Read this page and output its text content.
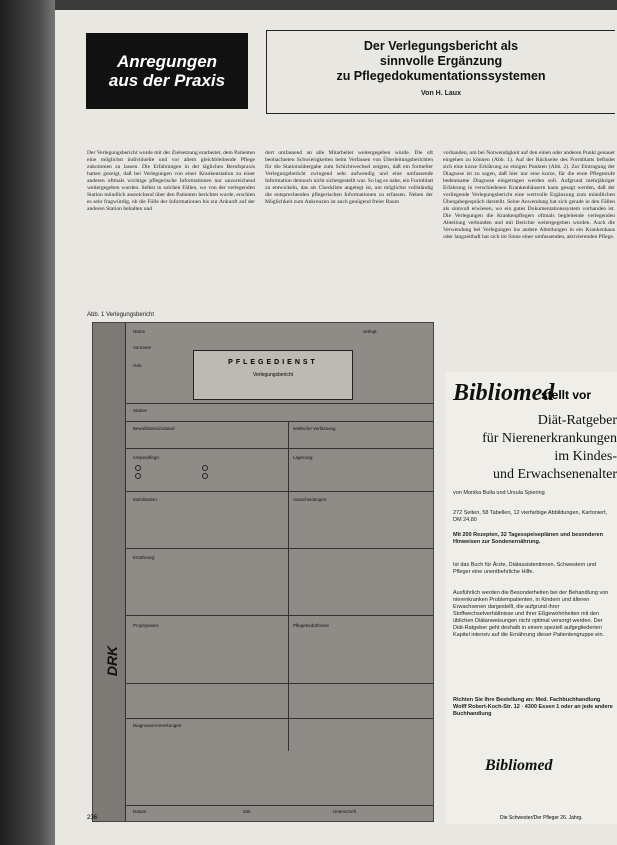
Anregungen
aus der Praxis
Der Verlegungsbericht als
sinnvolle Ergänzung
zu Pflegedokumentationssystemen
Von H. Laux
Der Verlegungsbericht wurde mit der Zielsetzung erarbeitet, dem Patienten eine möglichst individuelle und vor allem gleichbleibende Pflege zukommen zu lassen. Die Erfahrungen in der täglichen Berufspraxis hatten gezeigt, daß bei Verlegungen von einer Krankenstation zu einer anderen oftmals wichtige pflegerische Informationen nur unzureichend weitergegeben wurden. Selbst in solchen Fällen, wo von der verlegenden Station mündlich ausreichend über den Patienten berichtet wurde, erschien es sehr fragwürdig, ob die Fülle der Informationen bis zur Ankunft auf der anderen Station behalten und
dort umfassend an alle Mitarbeiter weitergegeben würde. Die oft beobachteten Schwierigkeiten beim Verfassen von Überleitungsberichten für die Stationsübergabe zum Schichtwechsel zeigten, daß ein formeller Verlegungsbericht zwingend sehr aufwendig und eine umfassende Information dennoch nicht sichergestellt war. So lag es nahe, ein Formblatt zu entwickeln, das als Checkliste angelegt ist, um möglichst vollständig die entsprechenden pflegerischen Informationen zu erfassen. Neben der Möglichkeit zum Ankreuzen ist auch genügend freier Raum
vorhanden, um bei Notwendigkeit auf den einen oder anderen Punkt genauer eingehen zu können (Abb. 1). Auf der Rückseite des Formblatts befindet sich eine kurze Erklärung zu einigen Punkten (Abb. 2). Zur Eintragung der Diagnose ist zu sagen, daß hier nur eine kurze, für die erste Pflegestufe bedeutsame Diagnose eingetragen werden soll. Aufgrund mehrjähriger Erfahrung in verschiedenen Krankenhäusern kann gesagt werden, daß der vorliegende Verlegungsbericht eine wertvolle Ergänzung zum mündlichen Übergabegespräch darstellt. Seine Anwendung hat sich gerade in den Fällen als sinnvoll erwiesen, wo ein gutes Dokumentationssystem vorhanden ist. Die Verlegungen die Krankenpflegers oftmals begleitende verlegenden Abteilung verbunden und mit Berichte weitergegeben wurden. Auch die Verwendung bei Verlegungen ins andere Abteilungen in ein Krankenhaus oder langzeithaft hat sich im Sinne einer umfassenden, aktivierenden Pflege.
Abb. 1 Verlegungsbericht
DRK
Name
Vorname
Geb.
verlegt:
PFLEGEDIENST
Verlegungsbericht
Station
Bewußtseinszustand	seelische Verfassung
Körperpflege:	Lagerung:

Mobilisation:	Ausscheidungen:
Ernährung:
Prophylaxen:	Pflegebedürfnisse
Diagnose/Anmerkungen:
Datum	Zeit	Unterschrift
Bibliomed
stellt vor
Diät-Ratgeber
für Nierenerkrankungen
im Kindes-
und Erwachsenenalter
von Monika Bulla und Ursula Spiering
272 Seiten, 58 Tabellen, 12 vierfarbige Abbildungen, Kartoniert, DM 24,80
Mit 200 Rezepten, 32 Tagesspeiseplänen und besonderen Hinweisen zur Sondenernährung.
Ist das Buch für Ärzte, Diätassistentinnen, Schwestern und Pfleger eine unentbehrliche Hilfe.
Ausführlich werden die Besonderheiten bei der Behandlung von nierenkranken Problempatienten, in Kindern und älteren Erwachsenen dargestellt, die aufgrund ihrer Stoffwechselverhältnisse und ihrer Eßgewohnheiten mit den üblichen Diätanweisungen nicht optimal versorgt werden. Der Diät-Ratgeber geht deshalb in einem speziell aufgegliederten Kapitel intensiv auf die Ernährung dieser Patientengruppe ein.
Richten Sie Ihre Bestellung an: Med. Fachbuchhandlung Wolff Robert-Koch-Str. 12 · 4300 Essen 1 oder an jede andere Buchhandlung
Bibliomed
236	Die Schwester/Der Pfleger 26. Jahrg.
